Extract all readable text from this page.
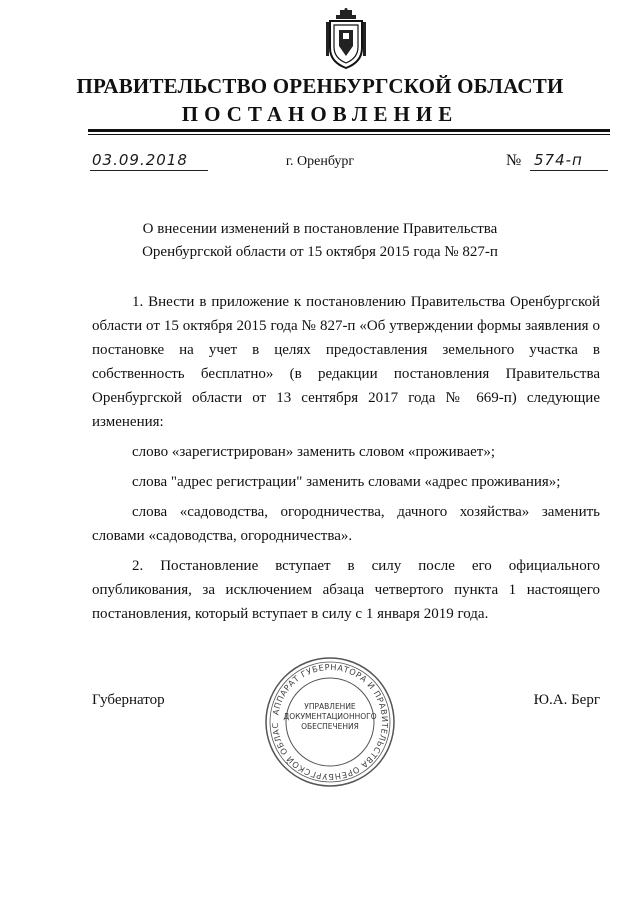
ПРАВИТЕЛЬСТВО ОРЕНБУРГСКОЙ ОБЛАСТИ
ПОСТАНОВЛЕНИЕ
03.09.2018	г. Оренбург	№ 574-п
О внесении изменений в постановление Правительства
Оренбургской области от 15 октября 2015 года № 827-п

1. Внести в приложение к постановлению Правительства Оренбургской области от 15 октября 2015 года № 827-п «Об утверждении формы заявления о постановке на учет в целях предоставления земельного участка в собственность бесплатно» (в редакции постановления Правительства Оренбургской области от 13 сентября 2017 года № 669-п) следующие изменения:

слово «зарегистрирован» заменить словом «проживает»;

слова "адрес регистрации" заменить словами «адрес проживания»;

слова «садоводства, огородничества, дачного хозяйства» заменить словами «садоводства, огородничества».

2. Постановление вступает в силу после его официального опубликования, за исключением абзаца четвертого пункта 1 настоящего постановления, который вступает в силу с 1 января 2019 года.

Губернатор
АППАРАТ ГУБЕРНАТОРА И ПРАВИТЕЛЬСТВА ОРЕНБУРГСКОЙ ОБЛАС
УПРАВЛЕНИЕ
ДОКУМЕНТАЦИОННОГО
ОБЕСПЕЧЕНИЯ
Ю.А. Берг
